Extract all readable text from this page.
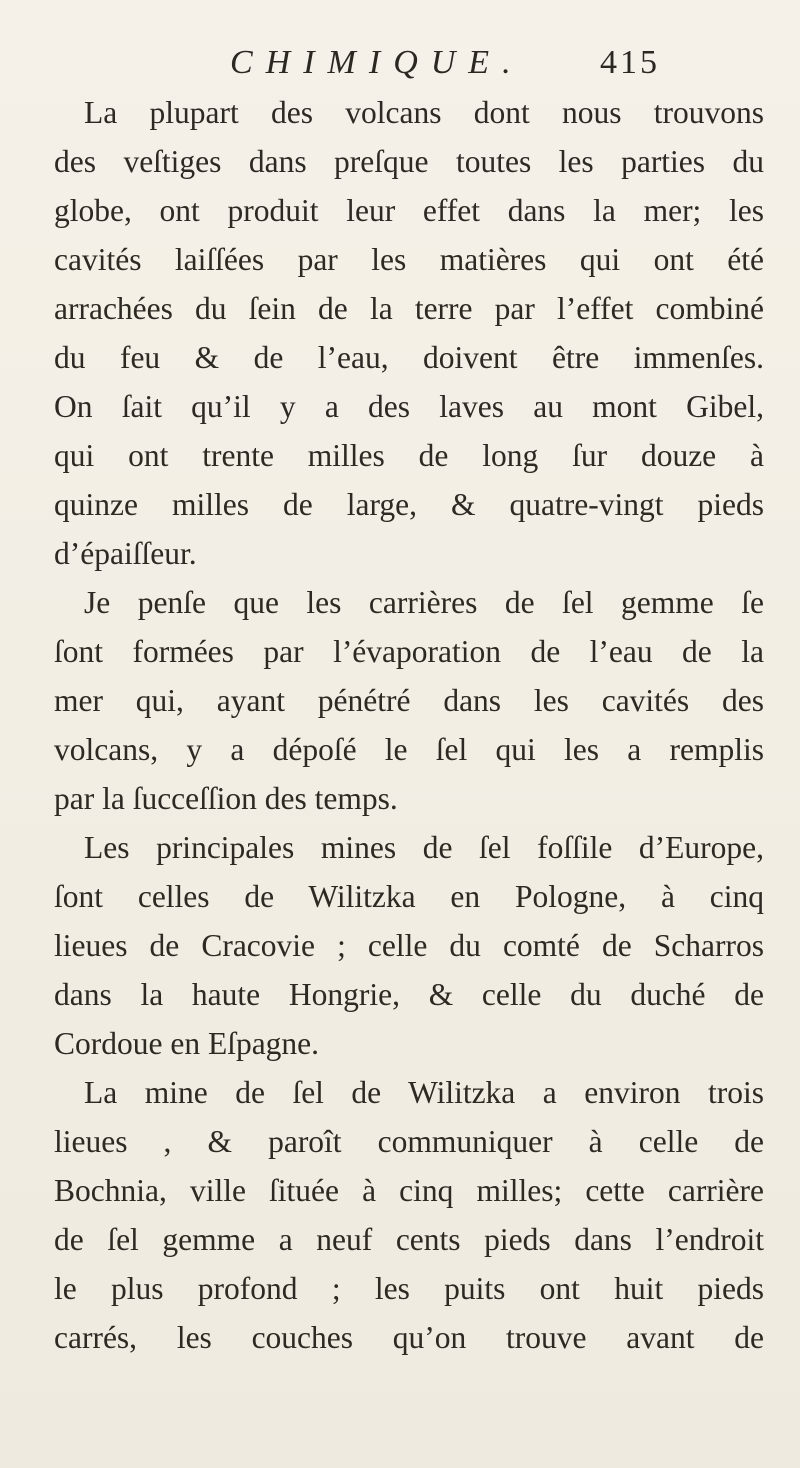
CHIMIQUE. 415
La plupart des volcans dont nous trouvons
des veſtiges dans preſque toutes les parties du
globe, ont produit leur effet dans la mer; les
cavités laiſſées par les matières qui ont été
arrachées du ſein de la terre par l’effet combiné
du feu & de l’eau, doivent être immenſes.
On ſait qu’il y a des laves au mont Gibel,
qui ont trente milles de long ſur douze à
quinze milles de large, & quatre-vingt pieds
d’épaiſſeur.
Je penſe que les carrières de ſel gemme ſe
ſont formées par l’évaporation de l’eau de la
mer qui, ayant pénétré dans les cavités des
volcans, y a dépoſé le ſel qui les a remplis
par la ſucceſſion des temps.
Les principales mines de ſel foſſile d’Europe,
ſont celles de Wilitzka en Pologne, à cinq
lieues de Cracovie ; celle du comté de Scharros
dans la haute Hongrie, & celle du duché de
Cordoue en Eſpagne.
La mine de ſel de Wilitzka a environ trois
lieues , & paroît communiquer à celle de
Bochnia, ville ſituée à cinq milles; cette carrière
de ſel gemme a neuf cents pieds dans l’endroit
le plus profond ; les puits ont huit pieds
carrés, les couches qu’on trouve avant de
